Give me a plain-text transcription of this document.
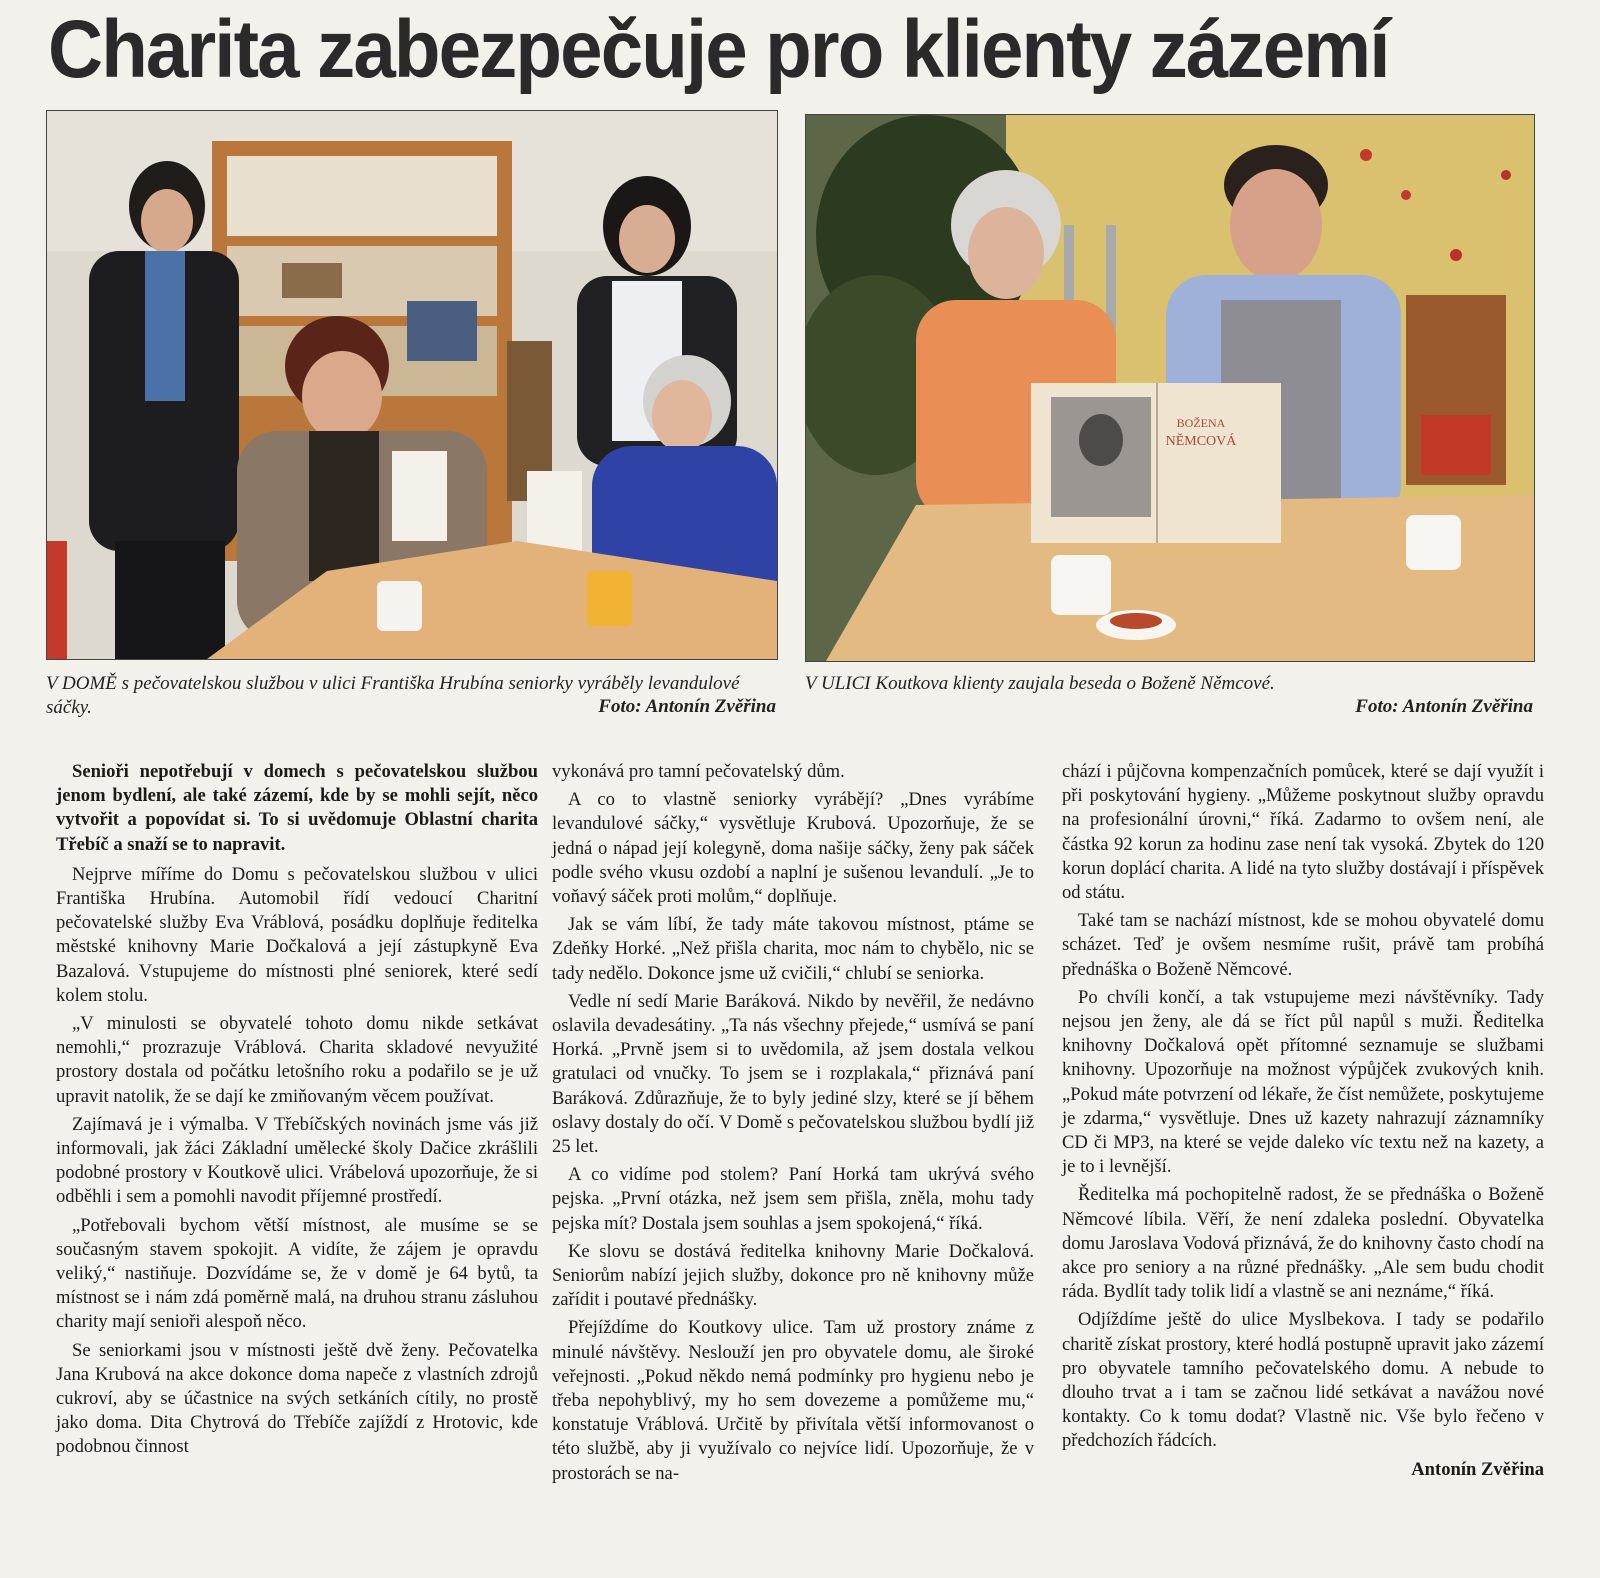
Charita zabezpečuje pro klienty zázemí
BOŽENA
NĚMCOVÁ
V DOMĚ s pečovatelskou službou v ulici Františka Hrubína seniorky vyráběly levandulové sáčky.	Foto: Antonín Zvěřina
V ULICI Koutkova klienty zaujala beseda o Boženě Němcové.
Foto: Antonín Zvěřina

Senioři nepotřebují v domech s pečovatelskou službou jenom bydlení, ale také zázemí, kde by se mohli sejít, něco vytvořit a popovídat si. To si uvědomuje Oblastní charita Třebíč a snaží se to napravit.

Nejprve míříme do Domu s pečovatelskou službou v ulici Františka Hrubína. Automobil řídí vedoucí Charitní pečovatelské služby Eva Vráblová, posádku doplňuje ředitelka městské knihovny Marie Dočkalová a její zástupkyně Eva Bazalová. Vstupujeme do místnosti plné seniorek, které sedí kolem stolu.

„V minulosti se obyvatelé tohoto domu nikde setkávat nemohli,“ prozrazuje Vráblová. Charita skladové nevyužité prostory dostala od počátku letošního roku a podařilo se je už upravit natolik, že se dají ke zmiňovaným věcem používat.

Zajímavá je i výmalba. V Třebíčských novinách jsme vás již informovali, jak žáci Základní umělecké školy Dačice zkrášlili podobné prostory v Koutkově ulici. Vrábelová upozorňuje, že si odběhli i sem a pomohli navodit příjemné prostředí.

„Potřebovali bychom větší místnost, ale musíme se se současným stavem spokojit. A vidíte, že zájem je opravdu veliký,“ nastiňuje. Dozvídáme se, že v domě je 64 bytů, ta místnost se i nám zdá poměrně malá, na druhou stranu zásluhou charity mají senioři alespoň něco.

Se seniorkami jsou v místnosti ještě dvě ženy. Pečovatelka Jana Krubová na akce dokonce doma napeče z vlastních zdrojů cukroví, aby se účastnice na svých setkáních cítily, no prostě jako doma. Dita Chytrová do Třebíče zajíždí z Hrotovic, kde podobnou činnost

vykonává pro tamní pečovatelský dům.

A co to vlastně seniorky vyrábějí? „Dnes vyrábíme levandulové sáčky,“ vysvětluje Krubová. Upozorňuje, že se jedná o nápad její kolegyně, doma našije sáčky, ženy pak sáček podle svého vkusu ozdobí a naplní je sušenou levandulí. „Je to voňavý sáček proti molům,“ doplňuje.

Jak se vám líbí, že tady máte takovou místnost, ptáme se Zdeňky Horké. „Než přišla charita, moc nám to chybělo, nic se tady nedělo. Dokonce jsme už cvičili,“ chlubí se seniorka.

Vedle ní sedí Marie Baráková. Nikdo by nevěřil, že nedávno oslavila devadesátiny. „Ta nás všechny přejede,“ usmívá se paní Horká. „Prvně jsem si to uvědomila, až jsem dostala velkou gratulaci od vnučky. To jsem se i rozplakala,“ přiznává paní Baráková. Zdůrazňuje, že to byly jediné slzy, které se jí během oslavy dostaly do očí. V Domě s pečovatelskou službou bydlí již 25 let.

A co vidíme pod stolem? Paní Horká tam ukrývá svého pejska. „První otázka, než jsem sem přišla, zněla, mohu tady pejska mít? Dostala jsem souhlas a jsem spokojená,“ říká.

Ke slovu se dostává ředitelka knihovny Marie Dočkalová. Seniorům nabízí jejich služby, dokonce pro ně knihovny může zařídit i poutavé přednášky.

Přejíždíme do Koutkovy ulice. Tam už prostory známe z minulé návštěvy. Neslouží jen pro obyvatele domu, ale široké veřejnosti. „Pokud někdo nemá podmínky pro hygienu nebo je třeba nepohyblivý, my ho sem dovezeme a pomůžeme mu,“ konstatuje Vráblová. Určitě by přivítala větší informovanost o této službě, aby ji využívalo co nejvíce lidí. Upozorňuje, že v prostorách se na-

chází i půjčovna kompenzačních pomůcek, které se dají využít i při poskytování hygieny. „Můžeme poskytnout služby opravdu na profesionální úrovni,“ říká. Zadarmo to ovšem není, ale částka 92 korun za hodinu zase není tak vysoká. Zbytek do 120 korun doplácí charita. A lidé na tyto služby dostávají i příspěvek od státu.

Také tam se nachází místnost, kde se mohou obyvatelé domu scházet. Teď je ovšem nesmíme rušit, právě tam probíhá přednáška o Boženě Němcové.

Po chvíli končí, a tak vstupujeme mezi návštěvníky. Tady nejsou jen ženy, ale dá se říct půl napůl s muži. Ředitelka knihovny Dočkalová opět přítomné seznamuje se službami knihovny. Upozorňuje na možnost výpůjček zvukových knih. „Pokud máte potvrzení od lékaře, že číst nemůžete, poskytujeme je zdarma,“ vysvětluje. Dnes už kazety nahrazují záznamníky CD či MP3, na které se vejde daleko víc textu než na kazety, a je to i levnější.

Ředitelka má pochopitelně radost, že se přednáška o Boženě Němcové líbila. Věří, že není zdaleka poslední. Obyvatelka domu Jaroslava Vodová přiznává, že do knihovny často chodí na akce pro seniory a na různé přednášky. „Ale sem budu chodit ráda. Bydlít tady tolik lidí a vlastně se ani neznáme,“ říká.

Odjíždíme ještě do ulice Myslbekova. I tady se podařilo charitě získat prostory, které hodlá postupně upravit jako zázemí pro obyvatele tamního pečovatelského domu. A nebude to dlouho trvat a i tam se začnou lidé setkávat a navážou nové kontakty. Co k tomu dodat? Vlastně nic. Vše bylo řečeno v předchozích řádcích.

Antonín Zvěřina
